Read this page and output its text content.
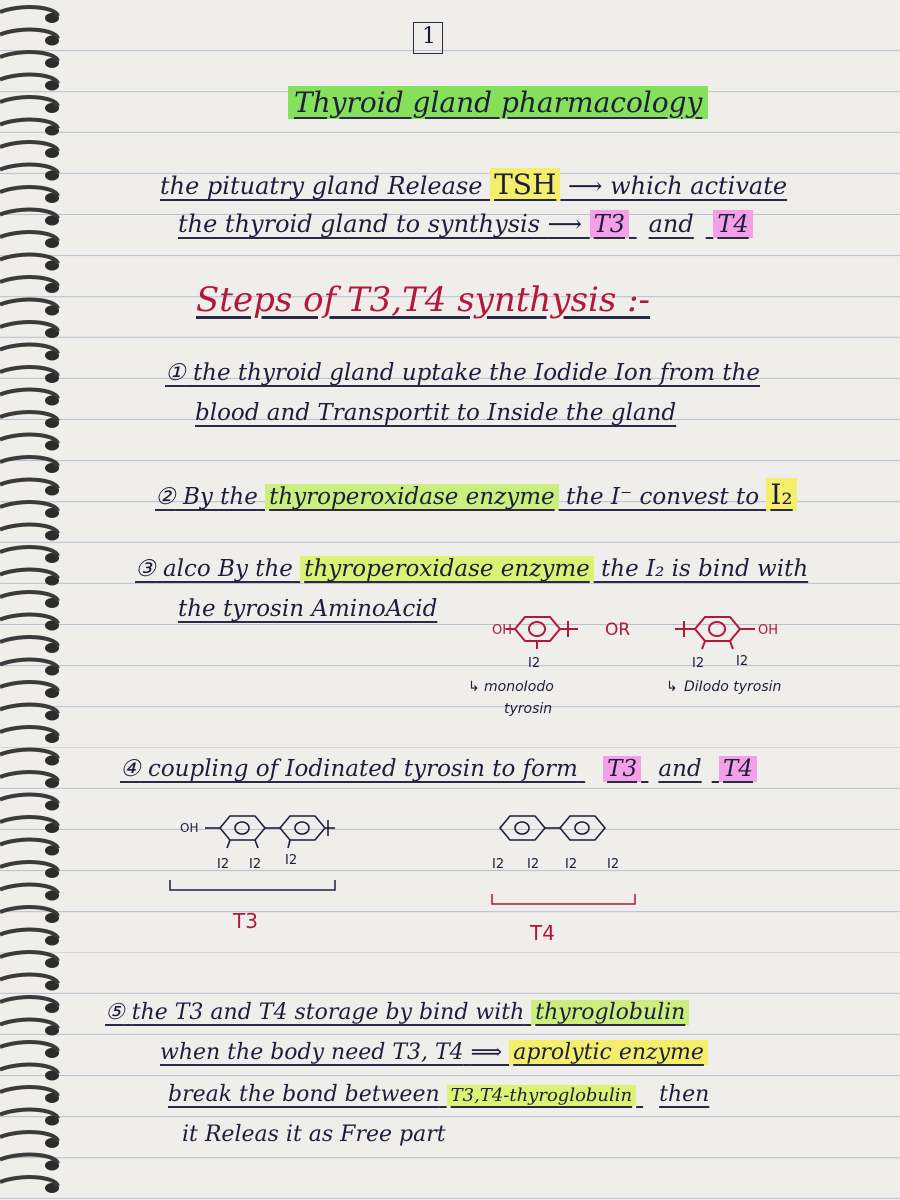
1
Thyroid gland pharmacology
the pituatry gland Release TSH ⟶ which activate
the thyroid gland to synthysis ⟶ T3 and T4
Steps of T3,T4 synthysis :-
① the thyroid gland uptake the Iodide Ion from the
blood and Transportit to Inside the gland
② By the thyroperoxidase enzyme the I⁻ convest to I₂
③ alco By the thyroperoxidase enzyme the I₂ is bind with
the tyrosin AminoAcid
OH	OR
I2
OH
I2 I2
↳ monoIodo
tyrosin
↳ DiIodo tyrosin
④ coupling of Iodinated tyrosin to form T3 and T4
OH
I2 I2 I2
T3
I2 I2 I2 I2
T4
⑤ the T3 and T4 storage by bind with thyroglobulin
when the body need T3, T4 ⟹ aprolytic enzyme
break the bond between T3,T4-thyroglobulin then
it Releas it as Free part
